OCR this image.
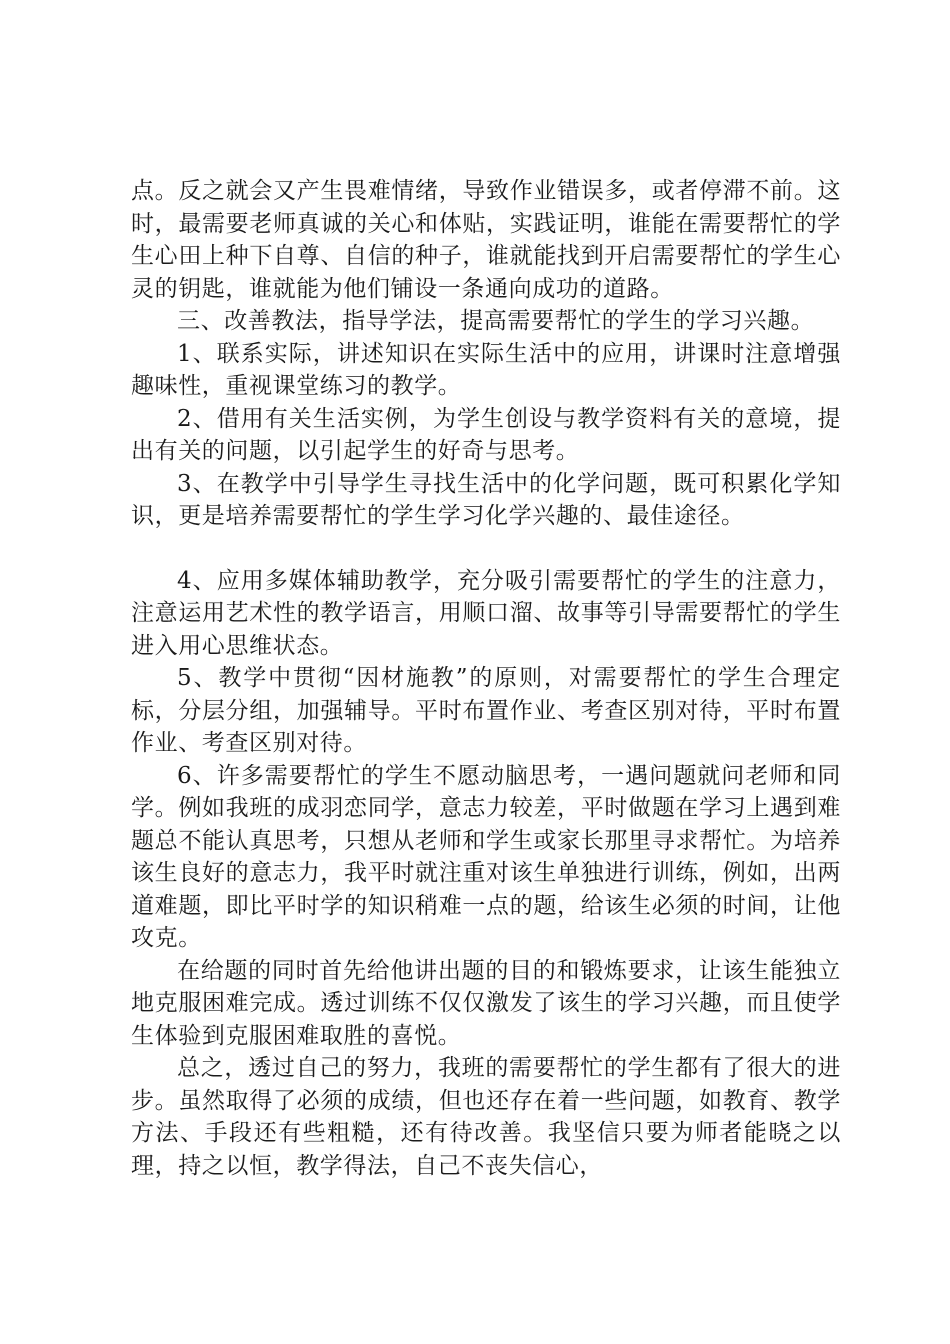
点。反之就会又产生畏难情绪，导致作业错误多，或者停滞不前。这时，最需要老师真诚的关心和体贴，实践证明，谁能在需要帮忙的学生心田上种下自尊、自信的种子，谁就能找到开启需要帮忙的学生心灵的钥匙，谁就能为他们铺设一条通向成功的道路。

三、改善教法，指导学法，提高需要帮忙的学生的学习兴趣。

1、联系实际，讲述知识在实际生活中的应用，讲课时注意增强趣味性，重视课堂练习的教学。

2、借用有关生活实例，为学生创设与教学资料有关的意境，提出有关的问题，以引起学生的好奇与思考。

3、在教学中引导学生寻找生活中的化学问题，既可积累化学知识，更是培养需要帮忙的学生学习化学兴趣的、最佳途径。

4、应用多媒体辅助教学，充分吸引需要帮忙的学生的注意力，注意运用艺术性的教学语言，用顺口溜、故事等引导需要帮忙的学生进入用心思维状态。

5、教学中贯彻“因材施教”的原则，对需要帮忙的学生合理定标，分层分组，加强辅导。平时布置作业、考查区别对待，平时布置作业、考查区别对待。

6、许多需要帮忙的学生不愿动脑思考，一遇问题就问老师和同学。例如我班的成羽恋同学，意志力较差，平时做题在学习上遇到难题总不能认真思考，只想从老师和学生或家长那里寻求帮忙。为培养该生良好的意志力，我平时就注重对该生单独进行训练，例如，出两道难题，即比平时学的知识稍难一点的题，给该生必须的时间，让他攻克。

在给题的同时首先给他讲出题的目的和锻炼要求，让该生能独立地克服困难完成。透过训练不仅仅激发了该生的学习兴趣，而且使学生体验到克服困难取胜的喜悦。

总之，透过自己的努力，我班的需要帮忙的学生都有了很大的进步。虽然取得了必须的成绩，但也还存在着一些问题，如教育、教学方法、手段还有些粗糙，还有待改善。我坚信只要为师者能晓之以理，持之以恒，教学得法，自己不丧失信心，
